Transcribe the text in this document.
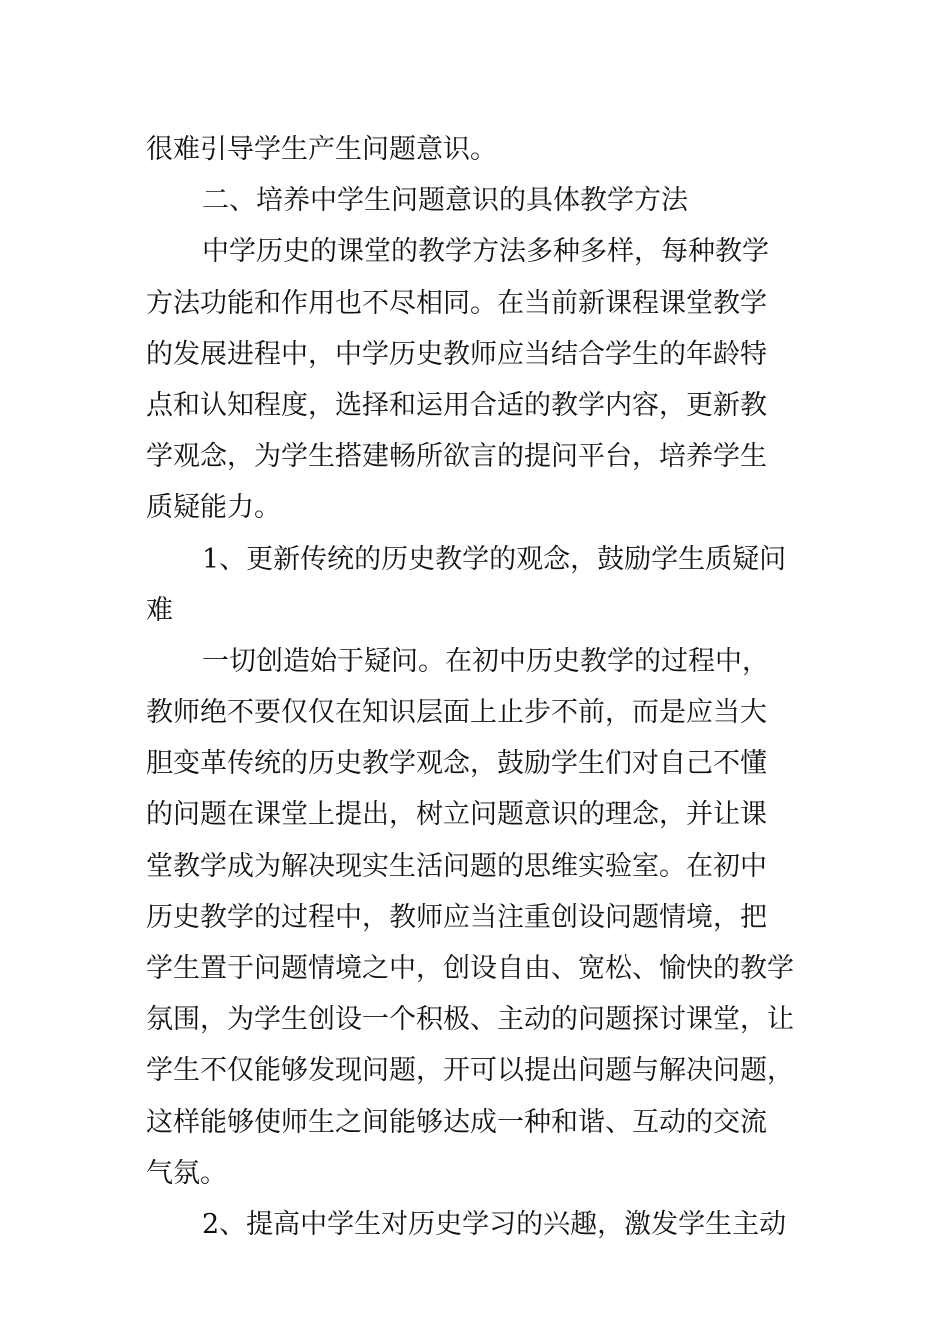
很难引导学生产生问题意识。
二、培养中学生问题意识的具体教学方法
中学历史的课堂的教学方法多种多样，每种教学
方法功能和作用也不尽相同。在当前新课程课堂教学
的发展进程中，中学历史教师应当结合学生的年龄特
点和认知程度，选择和运用合适的教学内容，更新教
学观念，为学生搭建畅所欲言的提问平台，培养学生
质疑能力。
1、更新传统的历史教学的观念，鼓励学生质疑问
难
一切创造始于疑问。在初中历史教学的过程中，
教师绝不要仅仅在知识层面上止步不前，而是应当大
胆变革传统的历史教学观念，鼓励学生们对自己不懂
的问题在课堂上提出，树立问题意识的理念，并让课
堂教学成为解决现实生活问题的思维实验室。在初中
历史教学的过程中，教师应当注重创设问题情境，把
学生置于问题情境之中，创设自由、宽松、愉快的教学
氛围，为学生创设一个积极、主动的问题探讨课堂，让
学生不仅能够发现问题，开可以提出问题与解决问题，
这样能够使师生之间能够达成一种和谐、互动的交流
气氛。
2、提高中学生对历史学习的兴趣，激发学生主动
